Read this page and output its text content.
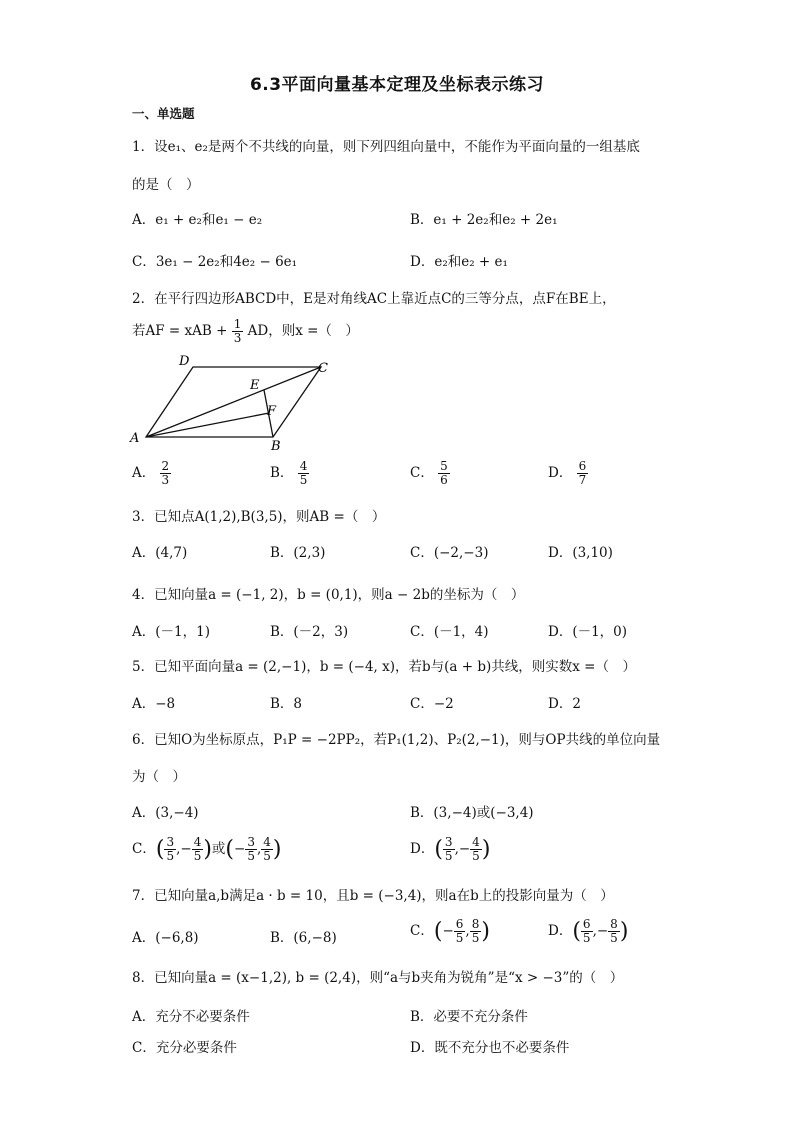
6.3平面向量基本定理及坐标表示练习
一、单选题
1．设e₁、e₂是两个不共线的向量，则下列四组向量中，不能作为平面向量的一组基底
的是（　）
A．e₁ + e₂和e₁ − e₂	B．e₁ + 2e₂和e₂ + 2e₁
C．3e₁ − 2e₂和4e₂ − 6e₁	D．e₂和e₂ + e₁
2．在平行四边形ABCD中，E是对角线AC上靠近点C的三等分点，点F在BE上，
若AF = xAB + $\frac{1}{3}$ AD，则x =（　）
A
B
C
D
E
F
A． $\frac{2}{3}$	B． $\frac{4}{5}$	C． $\frac{5}{6}$	D． $\frac{6}{7}$
3．已知点A(1,2),B(3,5)，则AB =（　）
A．(4,7)	B．(2,3)	C．(−2,−3)	D．(3,10)
4．已知向量a = (−1, 2)，b = (0,1)，则a − 2b的坐标为（　）
A．(－1，1)	B．(－2，3)	C．(－1，4)	D．(－1，0)
5．已知平面向量a = (2,−1)，b = (−4, x)，若b与(a + b)共线，则实数x =（　）
A．−8	B．8	C．−2	D．2
6．已知O为坐标原点，P₁P = −2PP₂，若P₁(1,2)、P₂(2,−1)，则与OP共线的单位向量
为（　）
A．(3,−4)	B．(3,−4)或(−3,4)
C．( $\frac{3}{5}$ ,− $\frac{4}{5}$ )或(− $\frac{3}{5}$ , $\frac{4}{5}$ )	D．( $\frac{3}{5}$ ,− $\frac{4}{5}$ )
7．已知向量a,b满足a · b = 10，且b = (−3,4)，则a在b上的投影向量为（　）
A．(−6,8)	B．(6,−8)	C．(− $\frac{6}{5}$ , $\frac{8}{5}$ )	D．( $\frac{6}{5}$ ,− $\frac{8}{5}$ )
8．已知向量a = (x−1,2), b = (2,4)，则“a与b夹角为锐角”是“x > −3”的（　）
A．充分不必要条件	B．必要不充分条件
C．充分必要条件	D．既不充分也不必要条件
